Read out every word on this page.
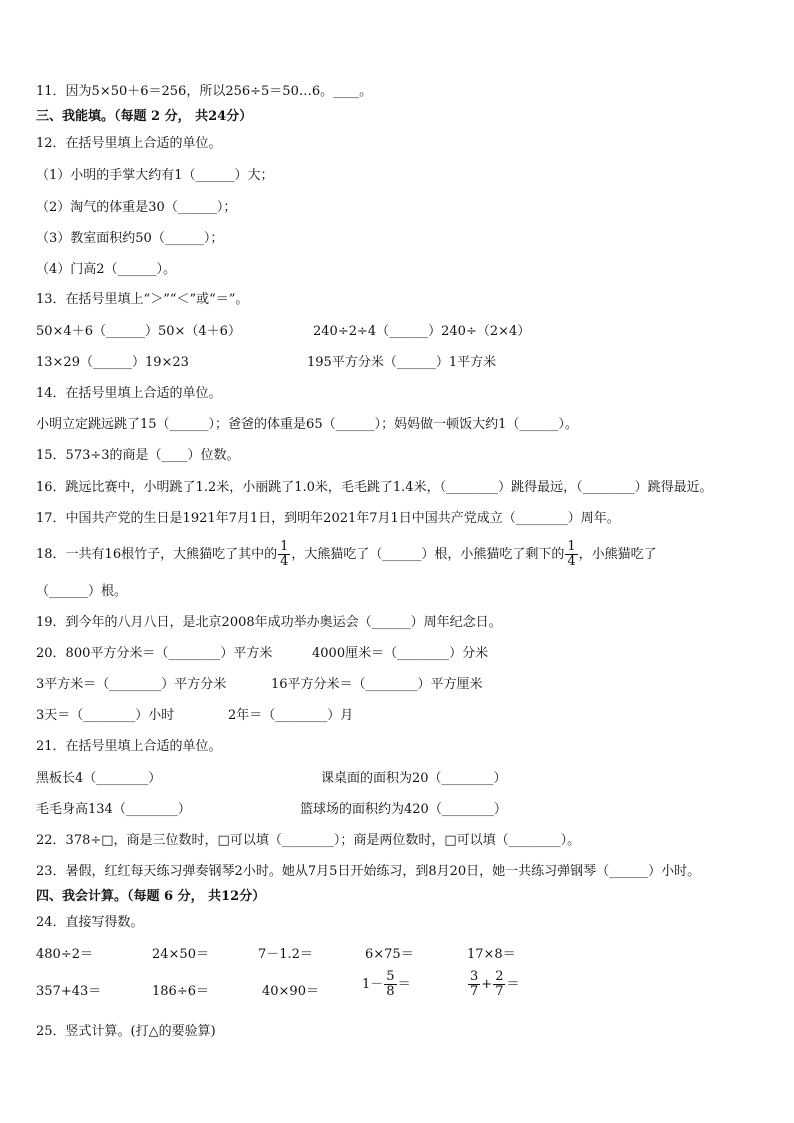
11．因为5×50＋6＝256，所以256÷5＝50…6。____。
三、我能填。（每题 2 分， 共24分）
12．在括号里填上合适的单位。
（1）小明的手掌大约有1（______）大；
（2）淘气的体重是30（______）；
（3）教室面积约50（______）；
（4）门高2（______）。
13．在括号里填上“＞”“＜”或“＝”。
50×4＋6（______）50×（4＋6）	240÷2÷4（______）240÷（2×4）
13×29（______）19×23	195平方分米（______）1平方米
14．在括号里填上合适的单位。
小明立定跳远跳了15（______）；爸爸的体重是65（______）；妈妈做一顿饭大约1（______）。
15．573÷3的商是（____）位数。
16．跳远比赛中，小明跳了1.2米，小丽跳了1.0米，毛毛跳了1.4米，（________）跳得最远，（________）跳得最近。
17．中国共产党的生日是1921年7月1日，到明年2021年7月1日中国共产党成立（________）周年。
18．一共有16根竹子，大熊猫吃了其中的 $\frac{1}{4}$ ，大熊猫吃了（______）根，小熊猫吃了剩下的 $\frac{1}{4}$ ，小熊猫吃了
（______）根。
19．到今年的八月八日，是北京2008年成功举办奥运会（______）周年纪念日。
20．800平方分米＝（________）平方米	4000厘米＝（________）分米
3平方米＝（________）平方分米	16平方分米＝（________）平方厘米
3天＝（________）小时	2年＝（________）月
21．在括号里填上合适的单位。
黑板长4（________）	课桌面的面积为20（________）
毛毛身高134（________）	篮球场的面积约为420（________）
22．378÷□，商是三位数时，□可以填（________）；商是两位数时，□可以填（________）。
23．暑假，红红每天练习弹奏钢琴2小时。她从7月5日开始练习，到8月20日，她一共练习弹钢琴（______）小时。
四、我会计算。（每题 6 分， 共12分）
24．直接写得数。
480÷2＝	24×50＝	7－1.2＝	6×75＝	17×8＝
357+43＝	186÷6＝	40×90＝	$1- \frac{5}{8}$ ＝	$\frac{3}{7} + \frac{2}{7}$ ＝
25．竖式计算。(打△的要验算)
